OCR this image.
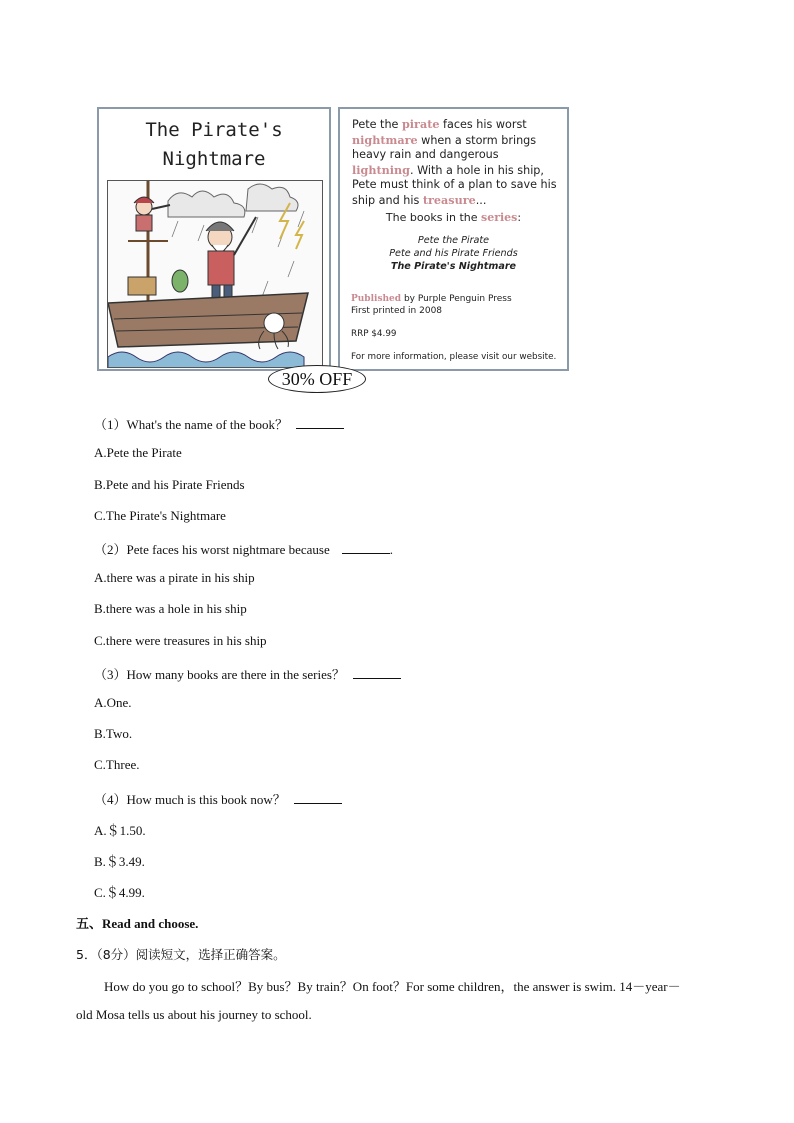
The Pirate's
Nightmare
Pete the pirate faces his worst nightmare when a storm brings heavy rain and dangerous lightning. With a hole in his ship, Pete must think of a plan to save his ship and his treasure...
The books in the series:
Pete the Pirate
Pete and his Pirate Friends
The Pirate's Nightmare
Published by Purple Penguin Press
First printed in 2008
RRP $4.99
For more information, please visit our website.
30% OFF
（1）What's the name of the book？
A.Pete the Pirate
B.Pete and his Pirate Friends
C.The Pirate's Nightmare
（2）Pete faces his worst nightmare because	.
A.there was a pirate in his ship
B.there was a hole in his ship
C.there were treasures in his ship
（3）How many books are there in the series？
A.One.
B.Two.
C.Three.
（4）How much is this book now？
A.＄1.50.
B.＄3.49.
C.＄4.99.
五、Read and choose.
5．（8分）阅读短文，选择正确答案。
How do you go to school？By bus？By train？On foot？For some children，the answer is swim. 14－year－
old Mosa tells us about his journey to school.
